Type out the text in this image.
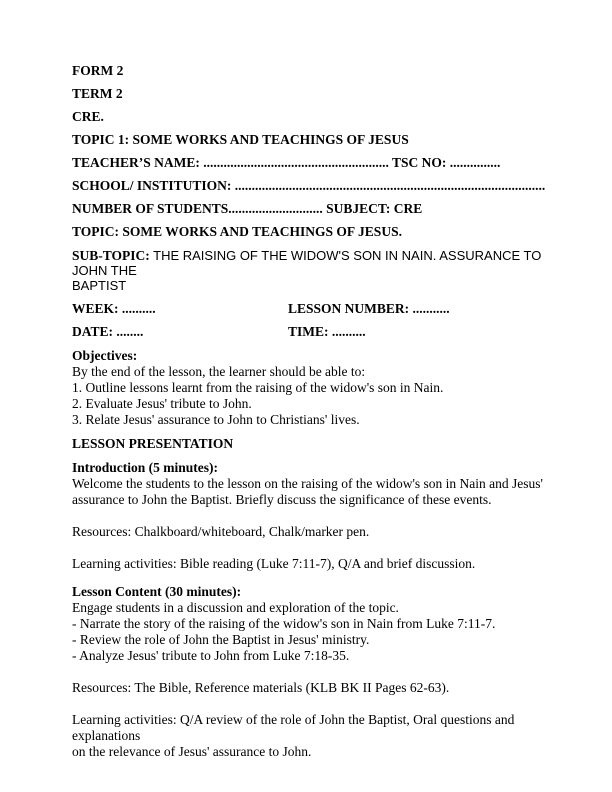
FORM 2

TERM 2

CRE.

TOPIC 1: SOME WORKS AND TEACHINGS OF JESUS

TEACHER’S NAME: ....................................................... TSC NO: ...............

SCHOOL/ INSTITUTION: ............................................................................................

NUMBER OF STUDENTS............................ SUBJECT: CRE

TOPIC: SOME WORKS AND TEACHINGS OF JESUS.

SUB-TOPIC: THE RAISING OF THE WIDOW'S SON IN NAIN. ASSURANCE TO JOHN THE
BAPTIST

WEEK: ..........	LESSON NUMBER: ...........
DATE: ........	TIME: ..........

Objectives:

By the end of the lesson, the learner should be able to:

1. Outline lessons learnt from the raising of the widow's son in Nain.

2. Evaluate Jesus' tribute to John.

3. Relate Jesus' assurance to John to Christians' lives.

LESSON PRESENTATION

Introduction (5 minutes):

Welcome the students to the lesson on the raising of the widow's son in Nain and Jesus'

assurance to John the Baptist. Briefly discuss the significance of these events.

Resources: Chalkboard/whiteboard, Chalk/marker pen.

Learning activities: Bible reading (Luke 7:11-7), Q/A and brief discussion.

Lesson Content (30 minutes):

Engage students in a discussion and exploration of the topic.

- Narrate the story of the raising of the widow's son in Nain from Luke 7:11-7.

- Review the role of John the Baptist in Jesus' ministry.

- Analyze Jesus' tribute to John from Luke 7:18-35.

Resources: The Bible, Reference materials (KLB BK II Pages 62-63).

Learning activities: Q/A review of the role of John the Baptist, Oral questions and explanations

on the relevance of Jesus' assurance to John.
